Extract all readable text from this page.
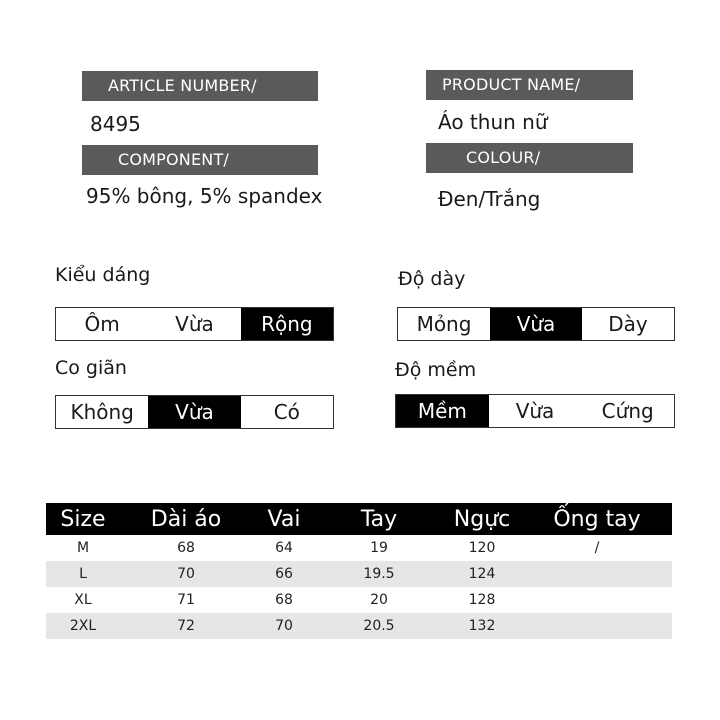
ARTICLE NUMBER/
8495
COMPONENT/
95% bông, 5% spandex
PRODUCT NAME/
Áo thun nữ
COLOUR/
Đen/Trắng
Kiểu dáng
Ôm	Vừa	Rộng
Độ dày
Mỏng	Vừa	Dày
Co giãn
Không	Vừa	Có
Độ mềm
Mềm	Vừa	Cứng
Size	Dài áo	Vai	Tay	Ngực	Ống tay
M	68	64	19	120	/
L	70	66	19.5	124	
XL	71	68	20	128	
2XL	72	70	20.5	132	
